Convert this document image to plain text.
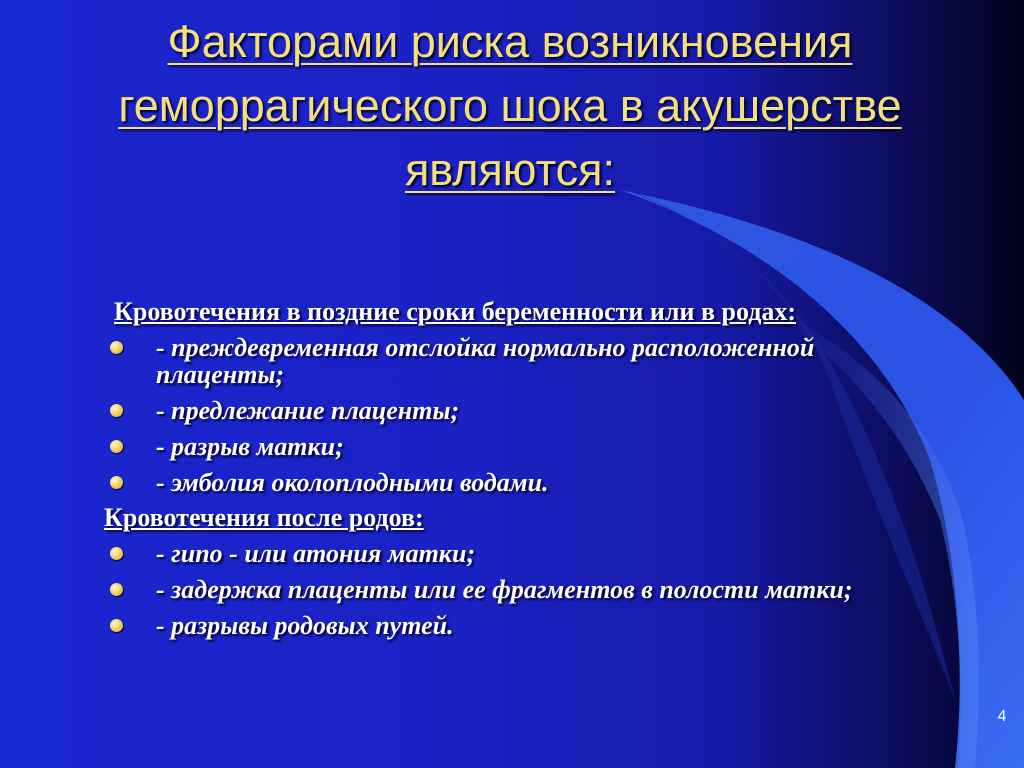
Факторами риска возникновения геморрагического шока в акушерстве являются:

Кровотечения в поздние сроки беременности или в родах:

- преждевременная отслойка нормально расположенной плаценты;
- предлежание плаценты;
- разрыв матки;
- эмболия околоплодными водами.

Кровотечения после родов:

- гипо - или атония матки;
- задержка плаценты или ее фрагментов в полости матки;
- разрывы родовых путей.
4
